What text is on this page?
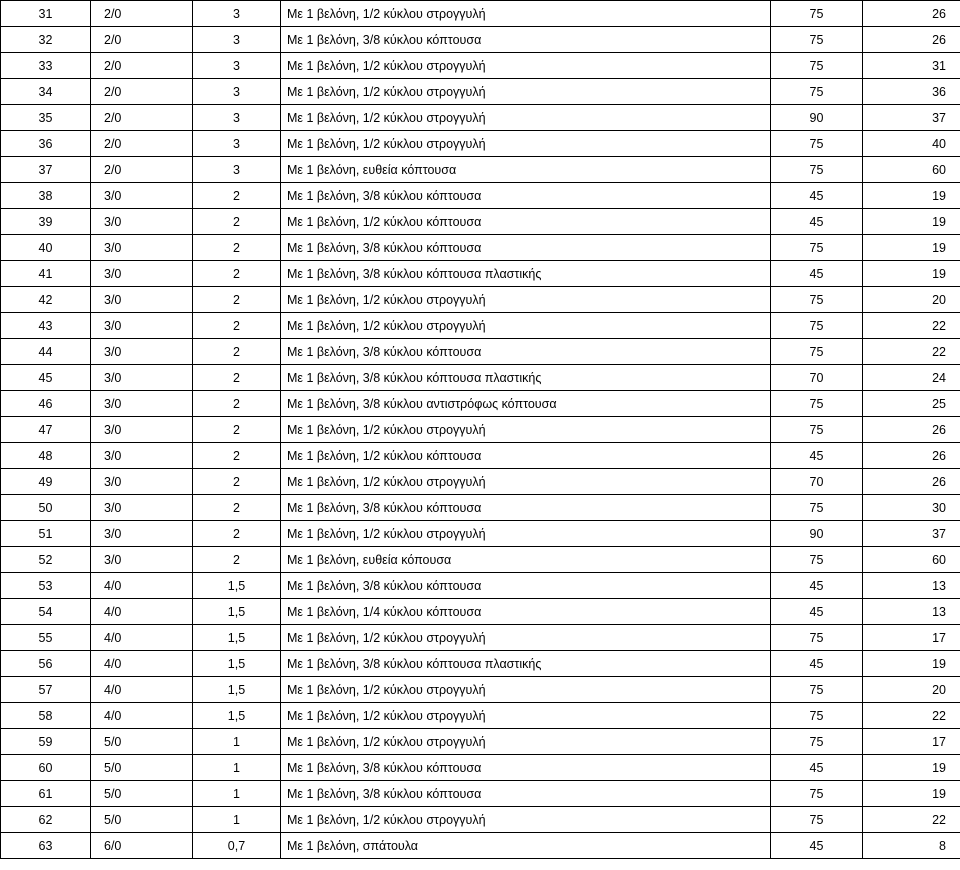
31	2/0	3	Με 1 βελόνη, 1/2 κύκλου στρογγυλή	75	26
32	2/0	3	Με 1 βελόνη, 3/8 κύκλου κόπτουσα	75	26
33	2/0	3	Με 1 βελόνη, 1/2 κύκλου στρογγυλή	75	31
34	2/0	3	Με 1 βελόνη, 1/2 κύκλου στρογγυλή	75	36
35	2/0	3	Με 1 βελόνη, 1/2 κύκλου στρογγυλή	90	37
36	2/0	3	Με 1 βελόνη, 1/2 κύκλου στρογγυλή	75	40
37	2/0	3	Με 1 βελόνη, ευθεία κόπτουσα	75	60
38	3/0	2	Με 1 βελόνη, 3/8 κύκλου κόπτουσα	45	19
39	3/0	2	Με 1 βελόνη, 1/2 κύκλου κόπτουσα	45	19
40	3/0	2	Με 1 βελόνη, 3/8 κύκλου κόπτουσα	75	19
41	3/0	2	Με 1 βελόνη, 3/8 κύκλου κόπτουσα πλαστικής	45	19
42	3/0	2	Με 1 βελόνη, 1/2 κύκλου στρογγυλή	75	20
43	3/0	2	Με 1 βελόνη, 1/2 κύκλου στρογγυλή	75	22
44	3/0	2	Με 1 βελόνη, 3/8 κύκλου κόπτουσα	75	22
45	3/0	2	Με 1 βελόνη, 3/8 κύκλου κόπτουσα πλαστικής	70	24
46	3/0	2	Με 1 βελόνη, 3/8 κύκλου αντιστρόφως κόπτουσα	75	25
47	3/0	2	Με 1 βελόνη, 1/2 κύκλου στρογγυλή	75	26
48	3/0	2	Με 1 βελόνη, 1/2 κύκλου κόπτουσα	45	26
49	3/0	2	Με 1 βελόνη, 1/2 κύκλου στρογγυλή	70	26
50	3/0	2	Με 1 βελόνη, 3/8 κύκλου κόπτουσα	75	30
51	3/0	2	Με 1 βελόνη, 1/2 κύκλου στρογγυλή	90	37
52	3/0	2	Με 1 βελόνη, ευθεία κόπουσα	75	60
53	4/0	1,5	Με 1 βελόνη, 3/8 κύκλου κόπτουσα	45	13
54	4/0	1,5	Με 1 βελόνη, 1/4 κύκλου κόπτουσα	45	13
55	4/0	1,5	Με 1 βελόνη, 1/2 κύκλου στρογγυλή	75	17
56	4/0	1,5	Με 1 βελόνη, 3/8 κύκλου κόπτουσα πλαστικής	45	19
57	4/0	1,5	Με 1 βελόνη, 1/2 κύκλου στρογγυλή	75	20
58	4/0	1,5	Με 1 βελόνη, 1/2 κύκλου στρογγυλή	75	22
59	5/0	1	Με 1 βελόνη, 1/2 κύκλου στρογγυλή	75	17
60	5/0	1	Με 1 βελόνη, 3/8 κύκλου κόπτουσα	45	19
61	5/0	1	Με 1 βελόνη, 3/8 κύκλου κόπτουσα	75	19
62	5/0	1	Με 1 βελόνη, 1/2 κύκλου στρογγυλή	75	22
63	6/0	0,7	Με 1 βελόνη, σπάτουλα	45	8
